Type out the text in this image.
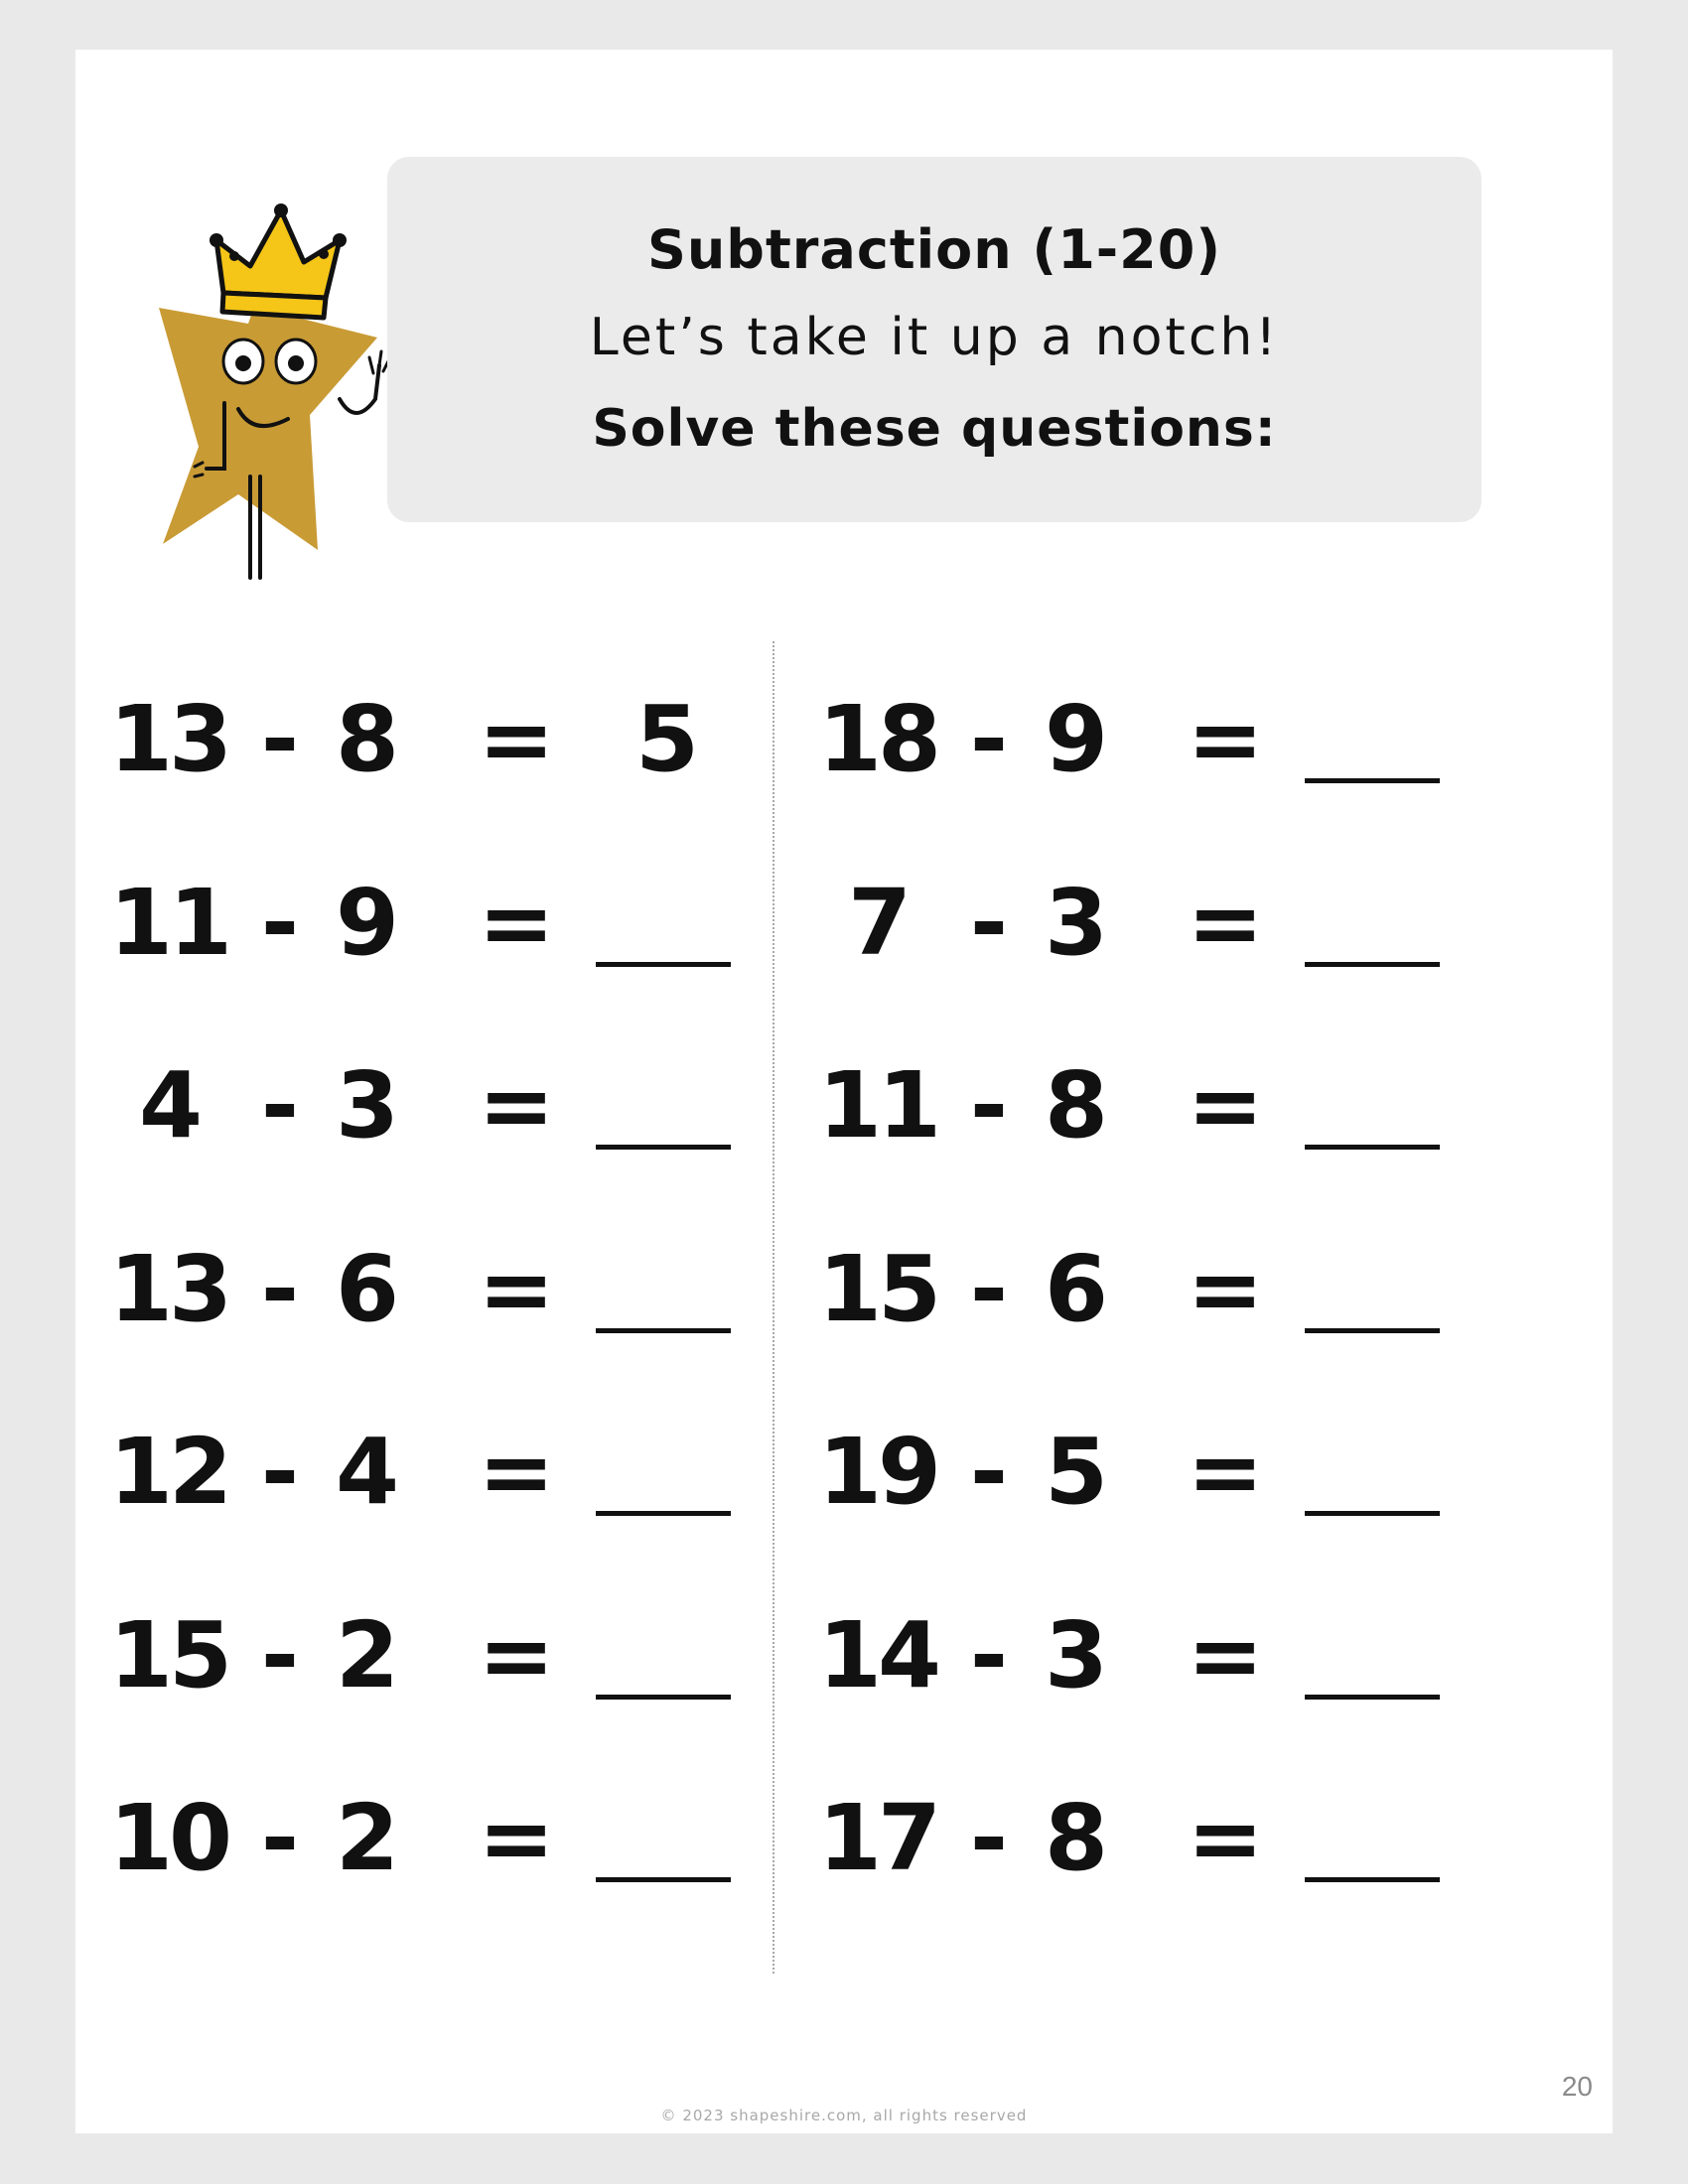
Subtraction (1-20)
Let’s take it up a notch!
Solve these questions:
13 - 8 = 5
11 - 9 =
4 - 3 =
13 - 6 =
12 - 4 =
15 - 2 =
10 - 2 =
18 - 9 =
7 - 3 =
11 - 8 =
15 - 6 =
19 - 5 =
14 - 3 =
17 - 8 =
20
© 2023 shapeshire.com, all rights reserved
